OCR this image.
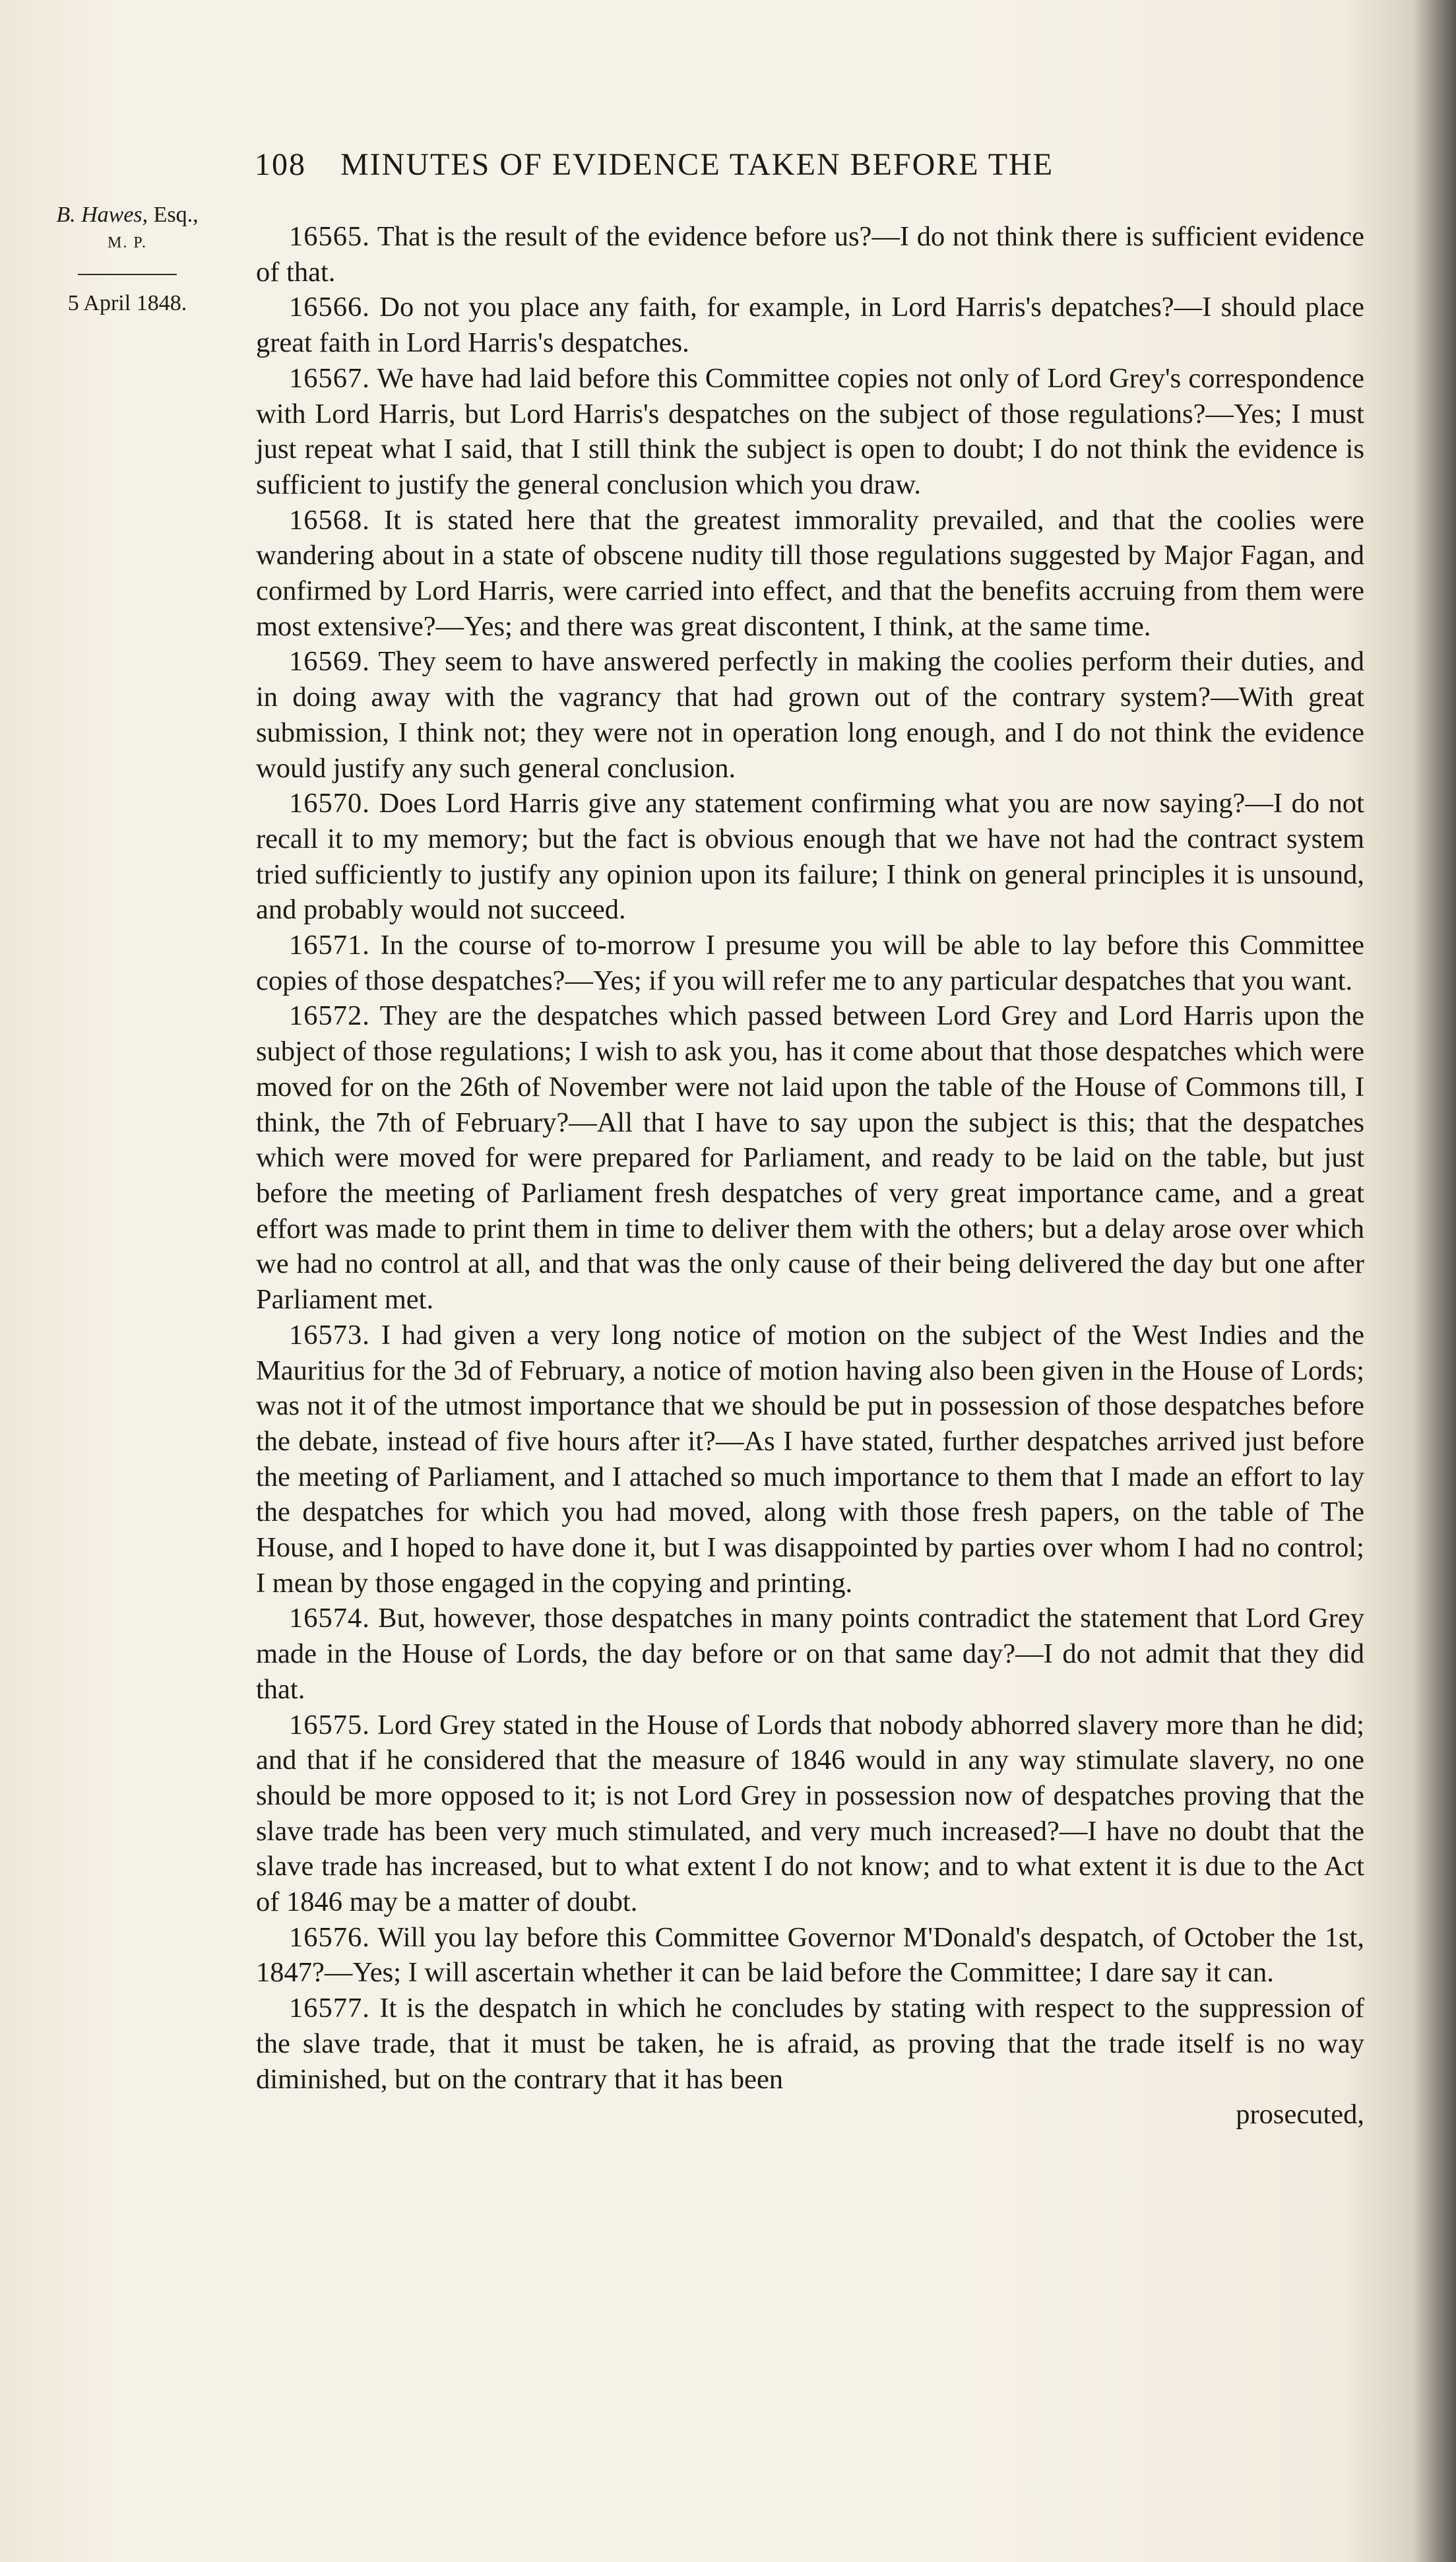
108 MINUTES OF EVIDENCE TAKEN BEFORE THE
B. Hawes, Esq.,
M. P.
5 April 1848.

16565. That is the result of the evidence before us?—I do not think there is sufficient evidence of that.

16566. Do not you place any faith, for example, in Lord Harris's depatches?—I should place great faith in Lord Harris's despatches.

16567. We have had laid before this Committee copies not only of Lord Grey's correspondence with Lord Harris, but Lord Harris's despatches on the subject of those regulations?—Yes; I must just repeat what I said, that I still think the subject is open to doubt; I do not think the evidence is sufficient to justify the general conclusion which you draw.

16568. It is stated here that the greatest immorality prevailed, and that the coolies were wandering about in a state of obscene nudity till those regulations suggested by Major Fagan, and confirmed by Lord Harris, were carried into effect, and that the benefits accruing from them were most extensive?—Yes; and there was great discontent, I think, at the same time.

16569. They seem to have answered perfectly in making the coolies perform their duties, and in doing away with the vagrancy that had grown out of the contrary system?—With great submission, I think not; they were not in operation long enough, and I do not think the evidence would justify any such general conclusion.

16570. Does Lord Harris give any statement confirming what you are now saying?—I do not recall it to my memory; but the fact is obvious enough that we have not had the contract system tried sufficiently to justify any opinion upon its failure; I think on general principles it is unsound, and probably would not succeed.

16571. In the course of to-morrow I presume you will be able to lay before this Committee copies of those despatches?—Yes; if you will refer me to any particular despatches that you want.

16572. They are the despatches which passed between Lord Grey and Lord Harris upon the subject of those regulations; I wish to ask you, has it come about that those despatches which were moved for on the 26th of November were not laid upon the table of the House of Commons till, I think, the 7th of February?—All that I have to say upon the subject is this; that the despatches which were moved for were prepared for Parliament, and ready to be laid on the table, but just before the meeting of Parliament fresh despatches of very great importance came, and a great effort was made to print them in time to deliver them with the others; but a delay arose over which we had no control at all, and that was the only cause of their being delivered the day but one after Parliament met.

16573. I had given a very long notice of motion on the subject of the West Indies and the Mauritius for the 3d of February, a notice of motion having also been given in the House of Lords; was not it of the utmost importance that we should be put in possession of those despatches before the debate, instead of five hours after it?—As I have stated, further despatches arrived just before the meeting of Parliament, and I attached so much importance to them that I made an effort to lay the despatches for which you had moved, along with those fresh papers, on the table of The House, and I hoped to have done it, but I was disappointed by parties over whom I had no control; I mean by those engaged in the copying and printing.

16574. But, however, those despatches in many points contradict the statement that Lord Grey made in the House of Lords, the day before or on that same day?—I do not admit that they did that.

16575. Lord Grey stated in the House of Lords that nobody abhorred slavery more than he did; and that if he considered that the measure of 1846 would in any way stimulate slavery, no one should be more opposed to it; is not Lord Grey in possession now of despatches proving that the slave trade has been very much stimulated, and very much increased?—I have no doubt that the slave trade has increased, but to what extent I do not know; and to what extent it is due to the Act of 1846 may be a matter of doubt.

16576. Will you lay before this Committee Governor M'Donald's despatch, of October the 1st, 1847?—Yes; I will ascertain whether it can be laid before the Committee; I dare say it can.

16577. It is the despatch in which he concludes by stating with respect to the suppression of the slave trade, that it must be taken, he is afraid, as proving that the trade itself is no way diminished, but on the contrary that it has been

prosecuted,
